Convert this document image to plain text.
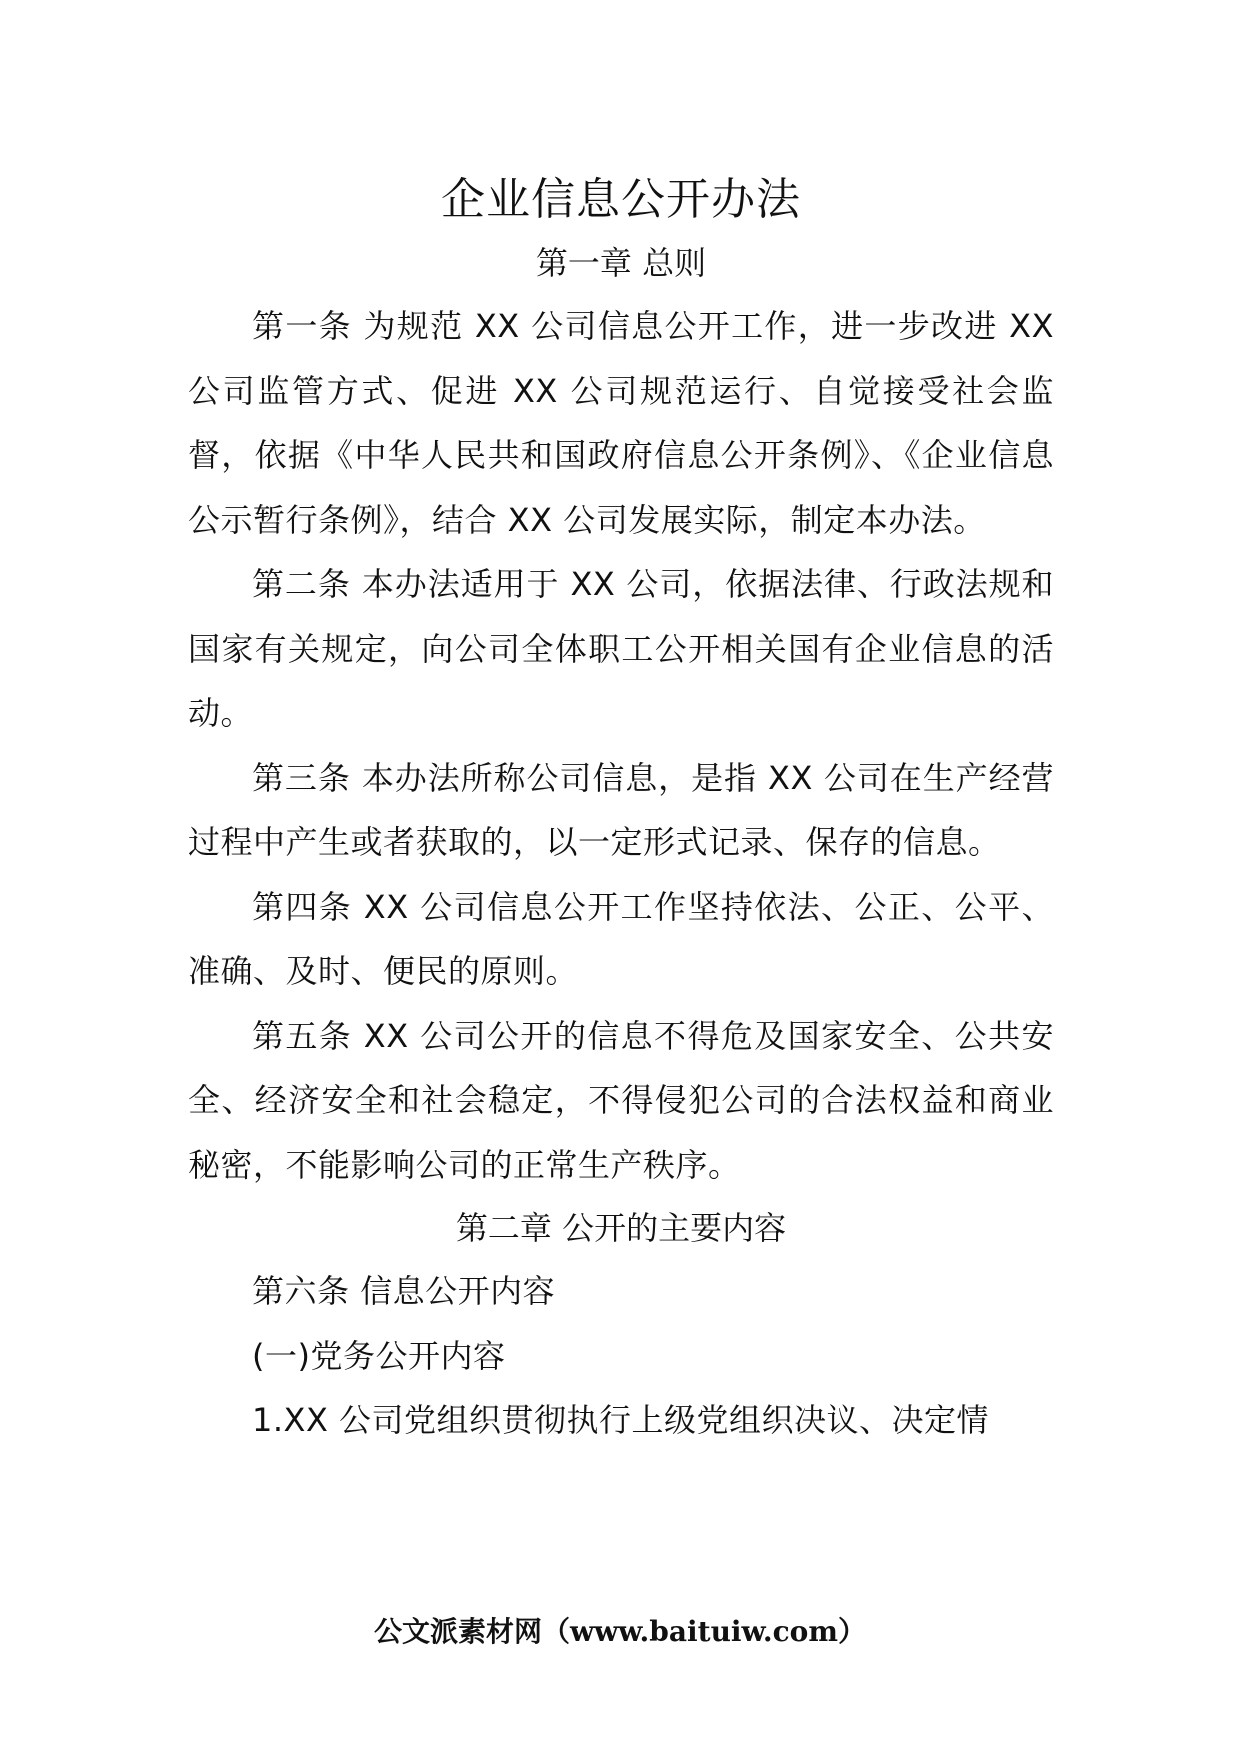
企业信息公开办法

第一章 总则

第一条 为规范 XX 公司信息公开工作，进一步改进 XX 公司监管方式、促进 XX 公司规范运行、自觉接受社会监督，依据《中华人民共和国政府信息公开条例》、《企业信息公示暂行条例》，结合 XX 公司发展实际，制定本办法。

第二条 本办法适用于 XX 公司，依据法律、行政法规和国家有关规定，向公司全体职工公开相关国有企业信息的活动。

第三条 本办法所称公司信息，是指 XX 公司在生产经营过程中产生或者获取的，以一定形式记录、保存的信息。

第四条 XX 公司信息公开工作坚持依法、公正、公平、准确、及时、便民的原则。

第五条 XX 公司公开的信息不得危及国家安全、公共安全、经济安全和社会稳定，不得侵犯公司的合法权益和商业秘密，不能影响公司的正常生产秩序。

第二章 公开的主要内容

第六条 信息公开内容

(一)党务公开内容

1.XX 公司党组织贯彻执行上级党组织决议、决定情

公文派素材网（www.baituiw.com）
